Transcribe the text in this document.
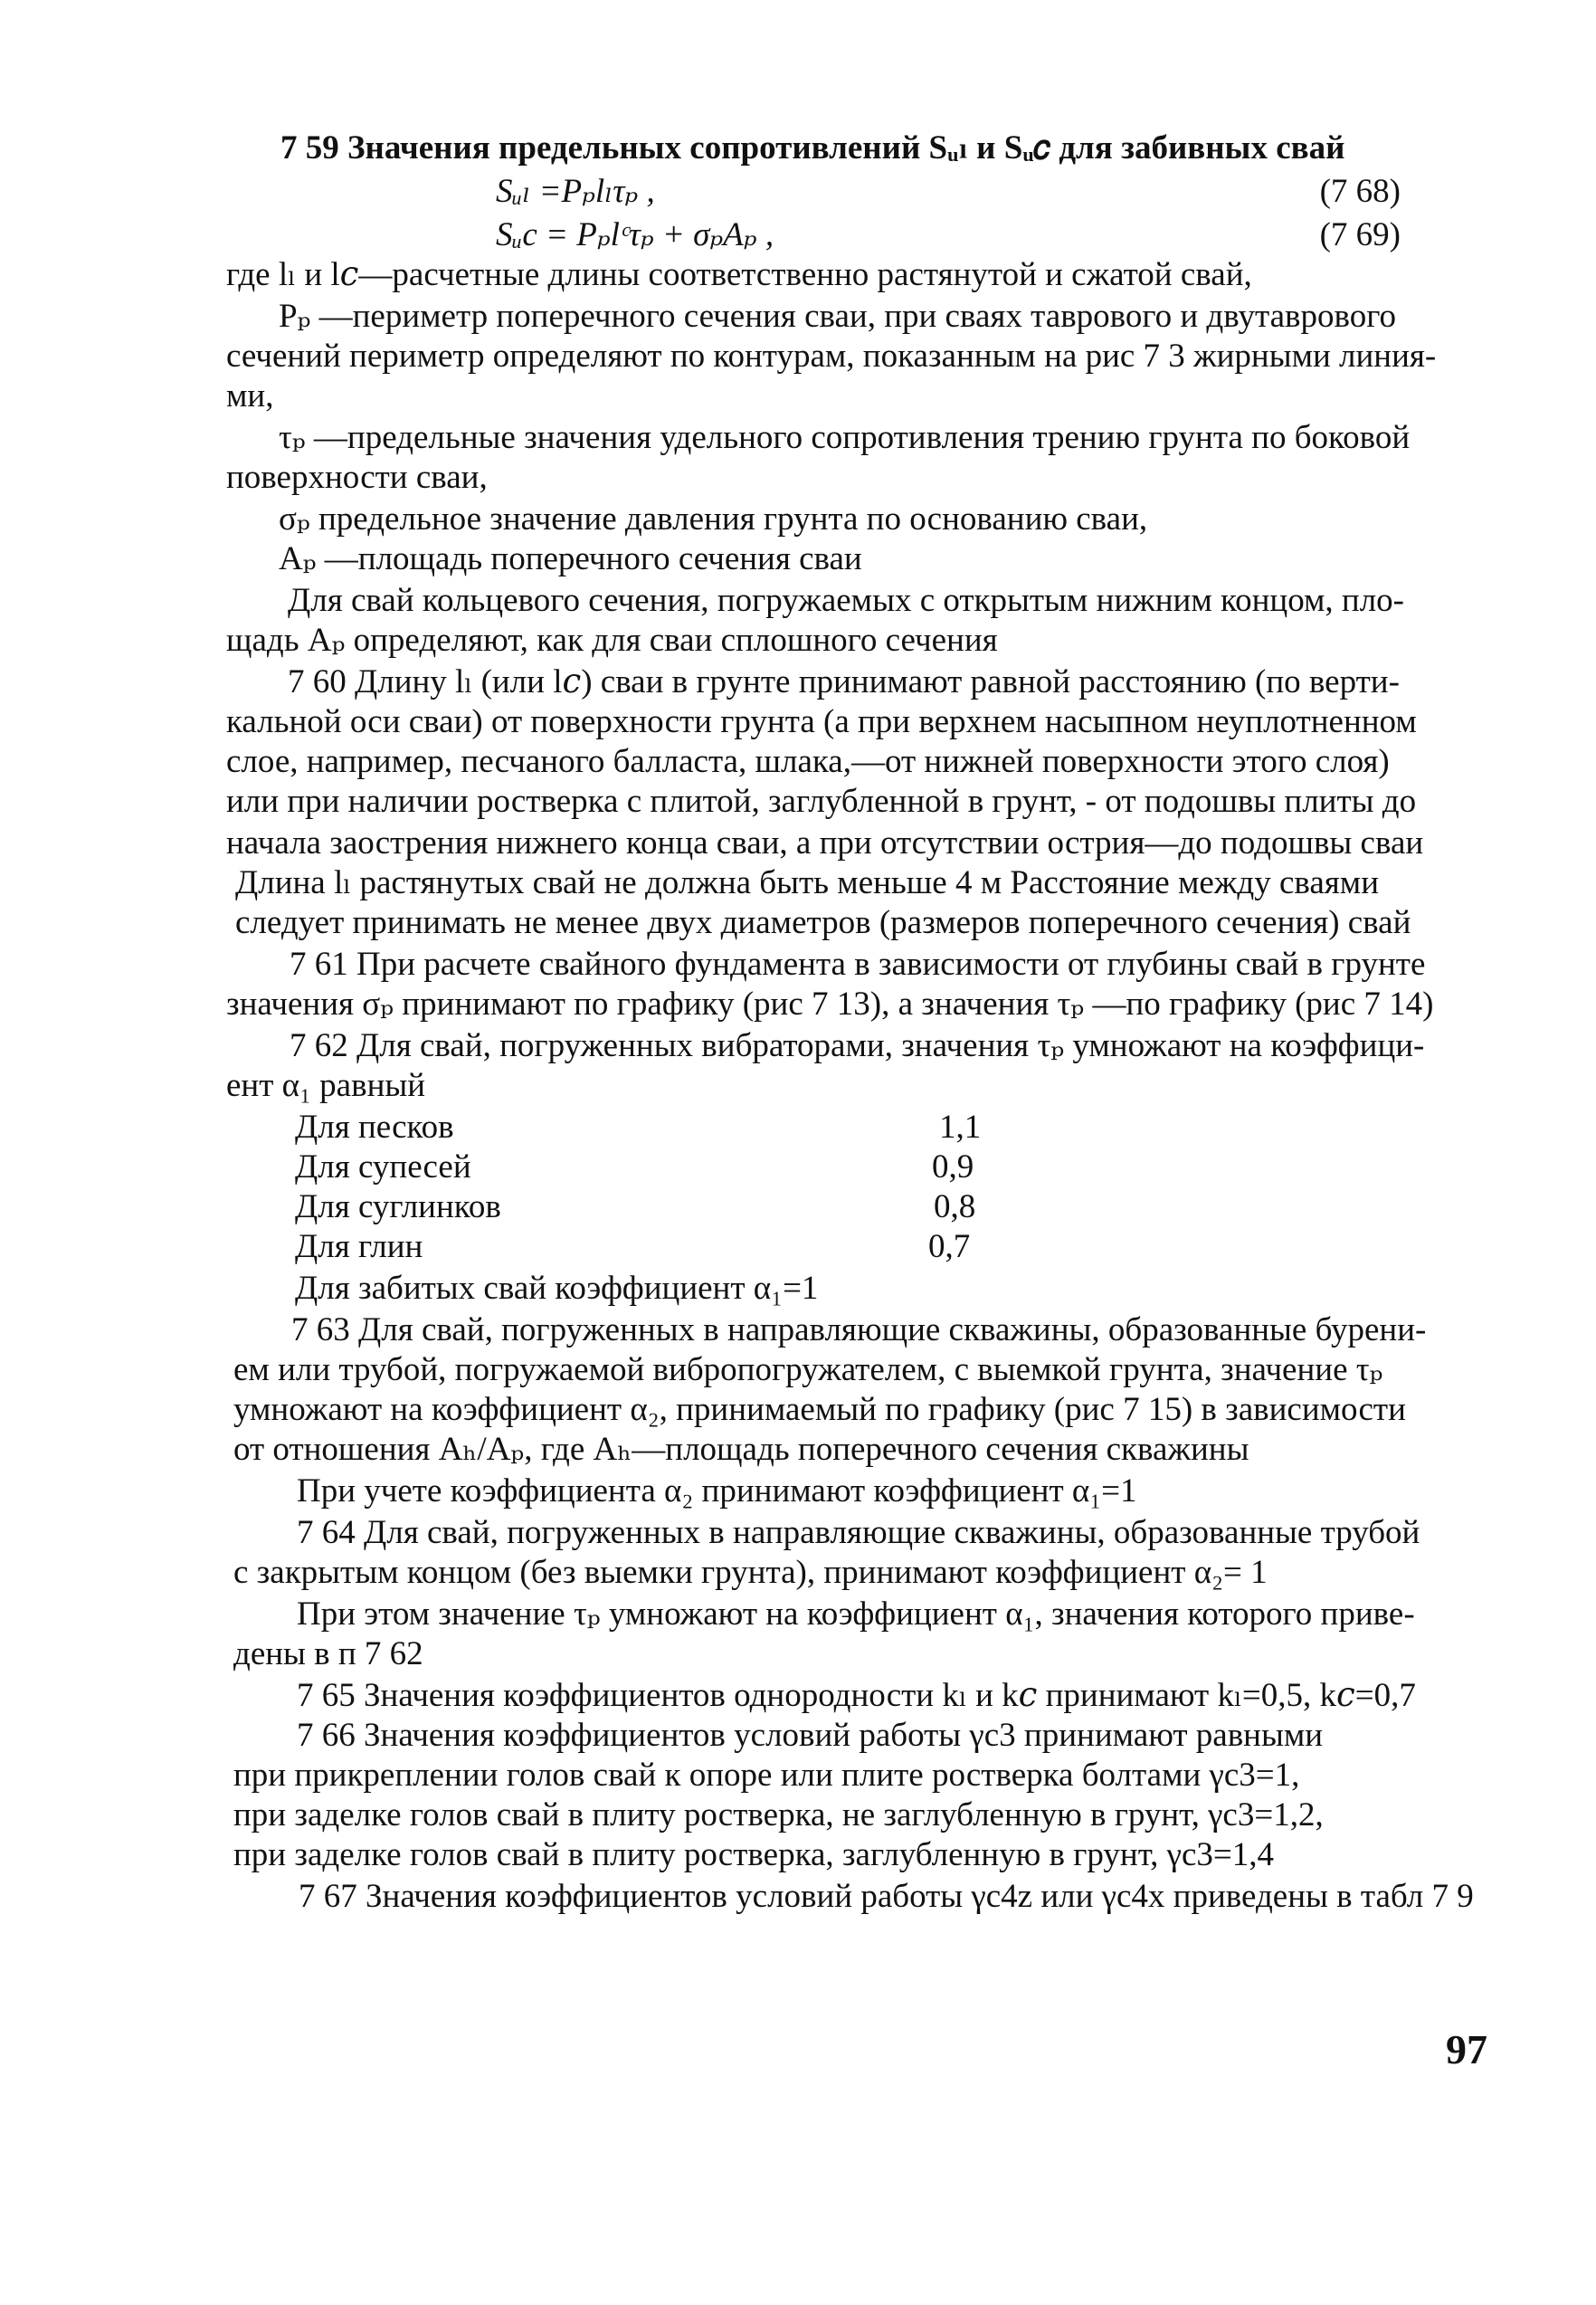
7 59 Значения предельных сопротивлений Sᵤₗ и Sᵤ𝑐 для забивных свай
Sᵤₗ =Pₚlₗτₚ ,	(7 68)
Sᵤc = Pₚlᶜτₚ + σₚAₚ ,	(7 69)
где lₗ и l𝑐—расчетные длины соответственно растянутой и сжатой свай,
Pₚ —периметр поперечного сечения сваи, при сваях таврового и двутаврового
сечений периметр определяют по контурам, показанным на рис 7 3 жирными линия-
ми,
τₚ —предельные значения удельного сопротивления трению грунта по боковой
поверхности сваи,
σₚ предельное значение давления грунта по основанию сваи,
Aₚ —площадь поперечного сечения сваи
Для свай кольцевого сечения, погружаемых с открытым нижним концом, пло-
щадь Aₚ определяют, как для сваи сплошного сечения
7 60 Длину lₗ (или l𝑐) сваи в грунте принимают равной расстоянию (по верти-
кальной оси сваи) от поверхности грунта (а при верхнем насыпном неуплотненном
слое, например, песчаного балласта, шлака,—от нижней поверхности этого слоя)
или при наличии ростверка с плитой, заглубленной в грунт, - от подошвы плиты до
начала заострения нижнего конца сваи, а при отсутствии острия—до подошвы сваи
Длина lₗ растянутых свай не должна быть меньше 4 м Расстояние между сваями
следует принимать не менее двух диаметров (размеров поперечного сечения) свай
7 61 При расчете свайного фундамента в зависимости от глубины свай в грунте
значения σₚ принимают по графику (рис 7 13), а значения τₚ —по графику (рис 7 14)
7 62 Для свай, погруженных вибраторами, значения τₚ умножают на коэффици-
ент α₁ равный
Для песков	1,1
Для супесей	0,9
Для суглинков	0,8
Для глин	0,7
Для забитых свай коэффициент α₁=1
7 63 Для свай, погруженных в направляющие скважины, образованные бурени-
ем или трубой, погружаемой вибропогружателем, с выемкой грунта, значение τₚ
умножают на коэффициент α₂, принимаемый по графику (рис 7 15) в зависимости
от отношения Aₕ/Aₚ, где Aₕ—площадь поперечного сечения скважины
При учете коэффициента α₂ принимают коэффициент α₁=1
7 64 Для свай, погруженных в направляющие скважины, образованные трубой
с закрытым концом (без выемки грунта), принимают коэффициент α₂= 1
При этом значение τₚ умножают на коэффициент α₁, значения которого приве-
дены в п 7 62
7 65 Значения коэффициентов однородности kₗ и k𝑐 принимают kₗ=0,5, k𝑐=0,7
7 66 Значения коэффициентов условий работы γc3 принимают равными
при прикреплении голов свай к опоре или плите ростверка болтами γc3=1,
при заделке голов свай в плиту ростверка, не заглубленную в грунт, γc3=1,2,
при заделке голов свай в плиту ростверка, заглубленную в грунт, γc3=1,4
7 67 Значения коэффициентов условий работы γc4z или γc4x приведены в табл 7 9
97
